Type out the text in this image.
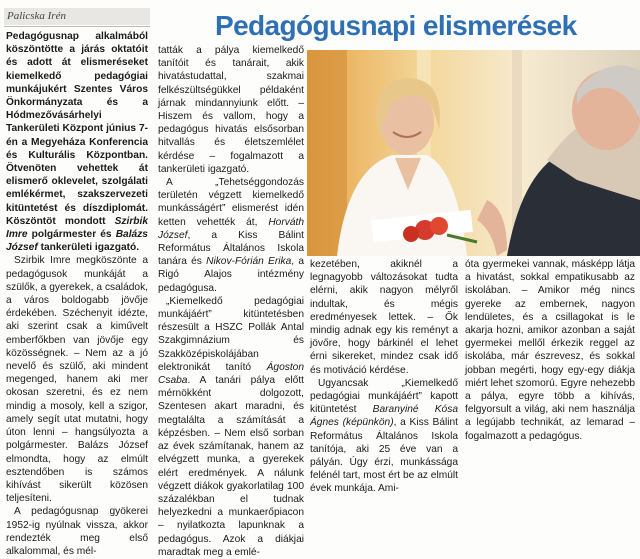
Palicska Irén	Pedagógusnapi elismerések

Pedagógusnap alkalmából köszöntötte a járás oktatóit és adott át elismeréseket kiemelkedő pedagógiai munkájukért Szentes Város Önkormányzata és a Hódmezővásárhelyi Tankerületi Központ június 7-én a Megyeháza Konferencia és Kulturális Központban. Ötvenöten vehettek át elismerő oklevelet, szolgálati emlékérmet, szakszervezeti kitüntetést és díszdiplomát. Köszöntöt mondott Szirbik Imre polgármester és Balázs József tankerületi igazgató.

Szirbik Imre megköszönte a pedagógusok munkáját a szülők, a gyerekek, a családok, a város boldogabb jövője érdekében. Széchenyit idézte, aki szerint csak a kiművelt emberfőkben van jövője egy közösségnek. – Nem az a jó nevelő és szülő, aki mindent megenged, hanem aki mer okosan szeretni, és ez nem mindig a mosoly, kell a szigor, amely segít utat mutatni, hogy úton lenni – hangsúlyozta a polgármester. Balázs József elmondta, hogy az elmúlt esztendőben is számos kihívást sikerült közösen teljesíteni.

A pedagógusnap gyökerei 1952-ig nyúlnak vissza, akkor rendezték meg első alkalommal, és mél-

tatták a pálya kiemelkedő tanítóit és tanárait, akik hivatástudattal, szakmai felkészültségükkel példaként járnak mindannyiunk előtt. – Hiszem és vallom, hogy a pedagógus hivatás elsősorban hitvallás és életszemlélet kérdése – fogalmazott a tankerületi igazgató.

A „Tehetséggondozás területén végzett kiemelkedő munkásságért” elismerést idén ketten vehették át, Horváth József, a Kiss Bálint Református Általános Iskola tanára és Nikov-Fórián Erika, a Rigó Alajos intézmény pedagógusa.

„Kiemelkedő pedagógiai munkájáért” kitüntetésben részesült a HSZC Pollák Antal Szakgimnázium és Szakközépiskolájában elektronikát tanító Ágoston Csaba. A tanári pálya előtt mérnökként dolgozott, Szentesen akart maradni, és megtalálta a számítását a képzésben. – Nem első sorban az évek számítanak, hanem az elvégzett munka, a gyerekek elért eredmények. A nálunk végzett diákok gyakorlatilag 100 százalékban el tudnak helyezkedni a munkaerőpiacon – nyilatkozta lapunknak a pedagógus. Azok a diákjai maradtak meg a emlé-

kezetében, akiknél a legnagyobb változásokat tudta elérni, akik nagyon mélyről indultak, és mégis eredményesek lettek. – Ők mindig adnak egy kis reményt a jövőre, hogy bárkinél el lehet érni sikereket, mindez csak idő és motiváció kérdése.

Ugyancsak „Kiemelkedő pedagógiai munkájáért” kapott kitüntetést Baranyiné Kósa Ágnes (képünkön), a Kiss Bálint Református Általános Iskola tanítója, aki 25 éve van a pályán. Úgy érzi, munkássága felénél tart, most ért be az elmúlt évek munkája. Ami-

óta gyermekei vannak, másképp látja a hivatást, sokkal empatikusabb az iskolában. – Amikor még nincs gyereke az embernek, nagyon lendületes, és a csillagokat is le akarja hozni, amikor azonban a saját gyermekei mellől érkezik reggel az iskolába, már észrevesz, és sokkal jobban megérti, hogy egy-egy diákja miért lehet szomorú. Egyre nehezebb a pálya, egyre több a kihívás, felgyorsult a világ, aki nem használja a legújabb technikát, az lemarad – fogalmazott a pedagógus.
